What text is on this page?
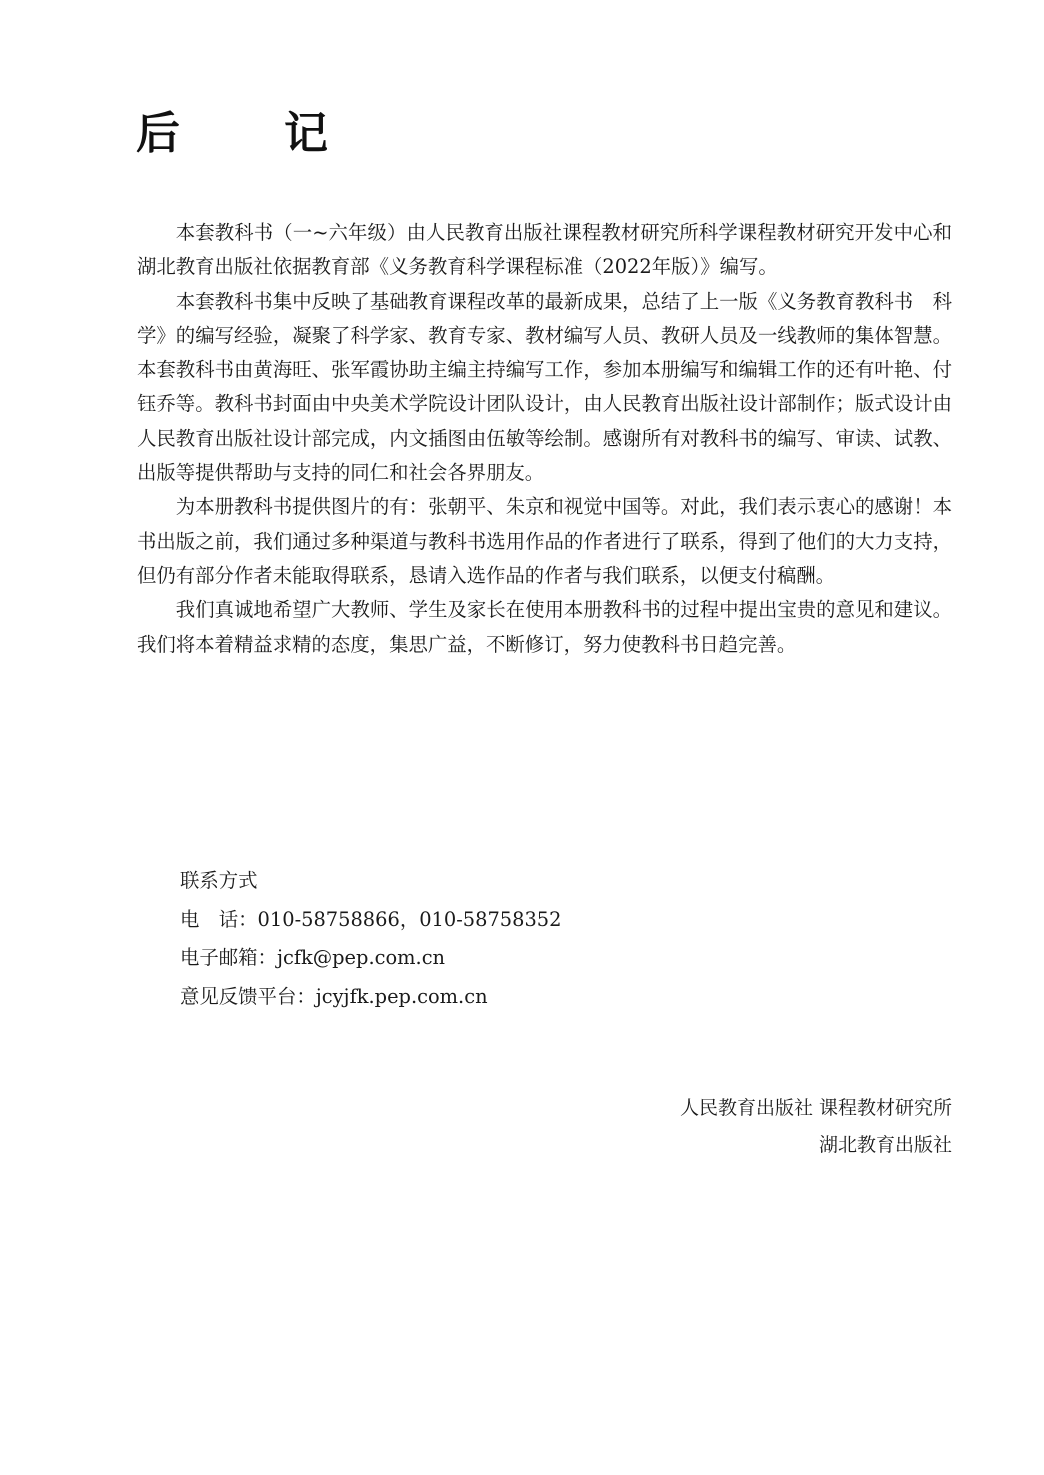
后　记

本套教科书（一~六年级）由人民教育出版社课程教材研究所科学课程教材研究开发中心和湖北教育出版社依据教育部《义务教育科学课程标准（2022年版）》编写。

本套教科书集中反映了基础教育课程改革的最新成果，总结了上一版《义务教育教科书　科学》的编写经验，凝聚了科学家、教育专家、教材编写人员、教研人员及一线教师的集体智慧。本套教科书由黄海旺、张军霞协助主编主持编写工作，参加本册编写和编辑工作的还有叶艳、付钰乔等。教科书封面由中央美术学院设计团队设计，由人民教育出版社设计部制作；版式设计由人民教育出版社设计部完成，内文插图由伍敏等绘制。感谢所有对教科书的编写、审读、试教、出版等提供帮助与支持的同仁和社会各界朋友。

为本册教科书提供图片的有：张朝平、朱京和视觉中国等。对此，我们表示衷心的感谢！本书出版之前，我们通过多种渠道与教科书选用作品的作者进行了联系，得到了他们的大力支持，但仍有部分作者未能取得联系，恳请入选作品的作者与我们联系，以便支付稿酬。

我们真诚地希望广大教师、学生及家长在使用本册教科书的过程中提出宝贵的意见和建议。我们将本着精益求精的态度，集思广益，不断修订，努力使教科书日趋完善。

联系方式
电　话：010-58758866，010-58758352
电子邮箱：jcfk@pep.com.cn
意见反馈平台：jcyjfk.pep.com.cn
人民教育出版社 课程教材研究所
湖北教育出版社
